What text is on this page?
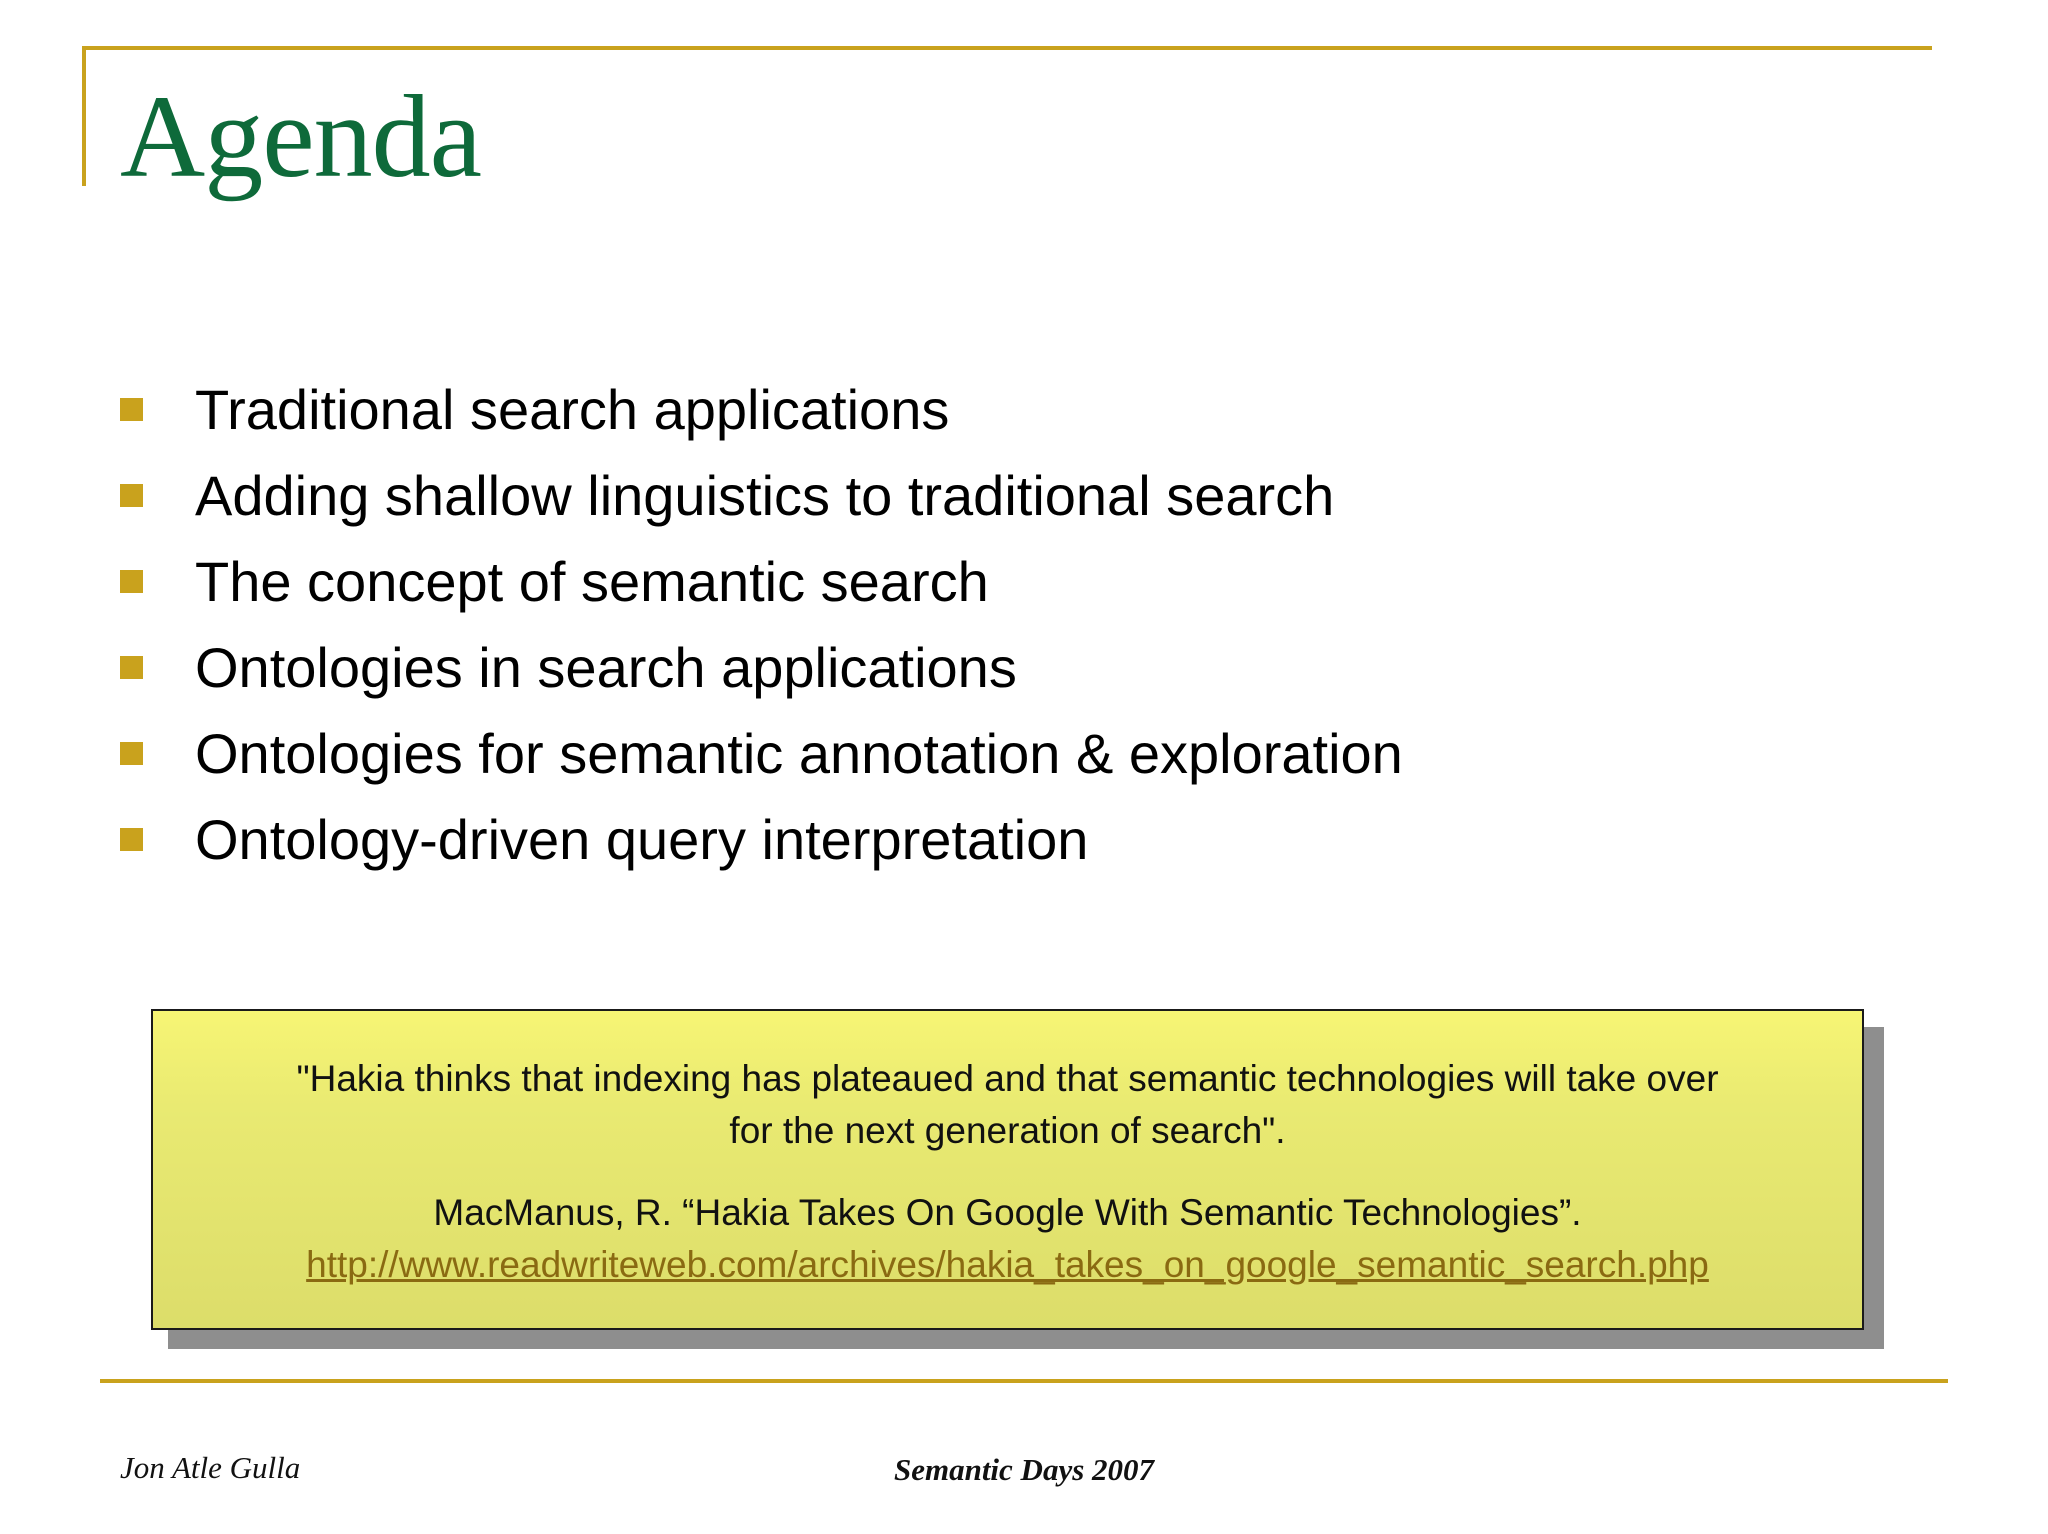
Agenda
Traditional search applications
Adding shallow linguistics to traditional search
The concept of semantic search
Ontologies in search applications
Ontologies for semantic annotation & exploration
Ontology-driven query interpretation
"Hakia thinks that indexing has plateaued and that semantic technologies will take over
for the next generation of search".
MacManus, R. “Hakia Takes On Google With Semantic Technologies”.
http://www.readwriteweb.com/archives/hakia_takes_on_google_semantic_search.php
Jon Atle Gulla	Semantic Days 2007
